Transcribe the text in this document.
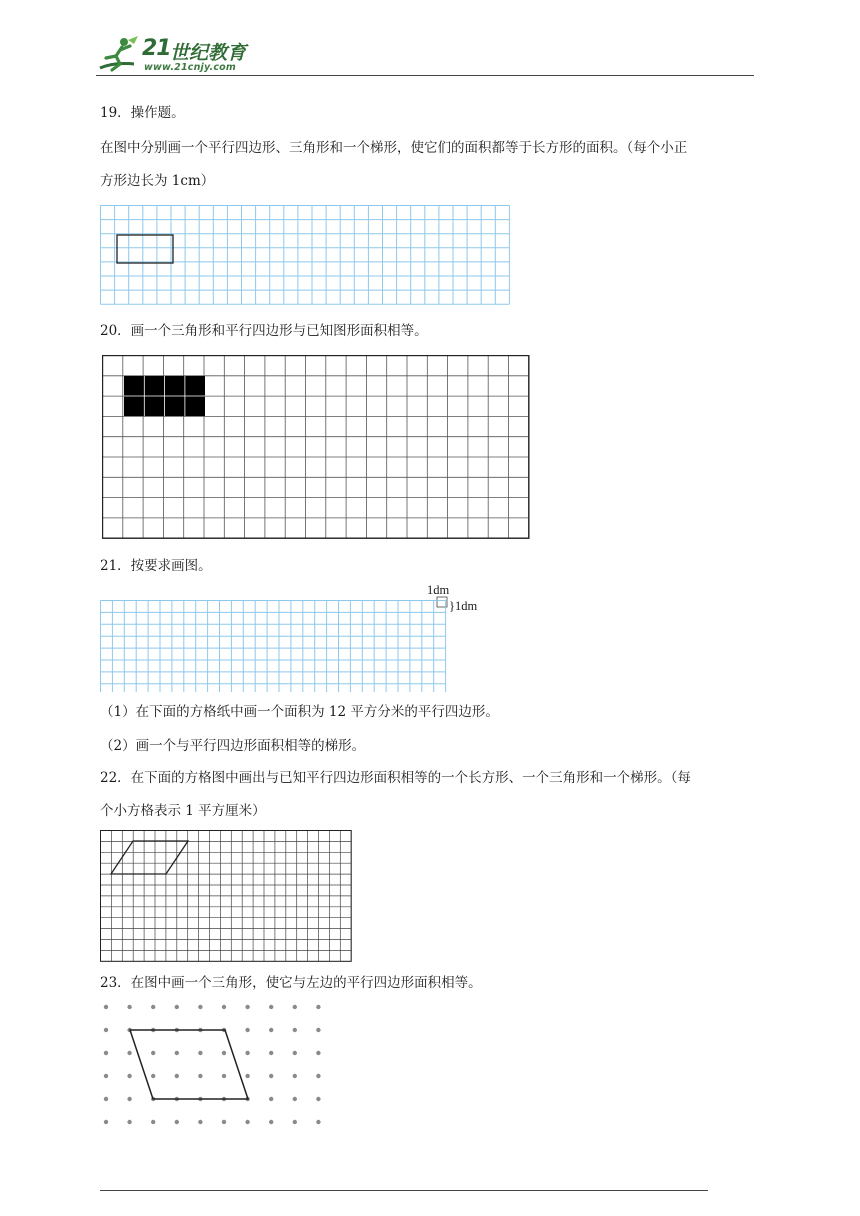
21 世纪教育
www.21cnjy.com
19．操作题。
在图中分别画一个平行四边形、三角形和一个梯形，使它们的面积都等于长方形的面积。（每个小正
方形边长为 1cm）
20．画一个三角形和平行四边形与已知图形面积相等。
21．按要求画图。
1dm
}1dm
（1）在下面的方格纸中画一个面积为 12 平方分米的平行四边形。
（2）画一个与平行四边形面积相等的梯形。
22．在下面的方格图中画出与已知平行四边形面积相等的一个长方形、一个三角形和一个梯形。（每
个小方格表示 1 平方厘米）
23．在图中画一个三角形，使它与左边的平行四边形面积相等。
